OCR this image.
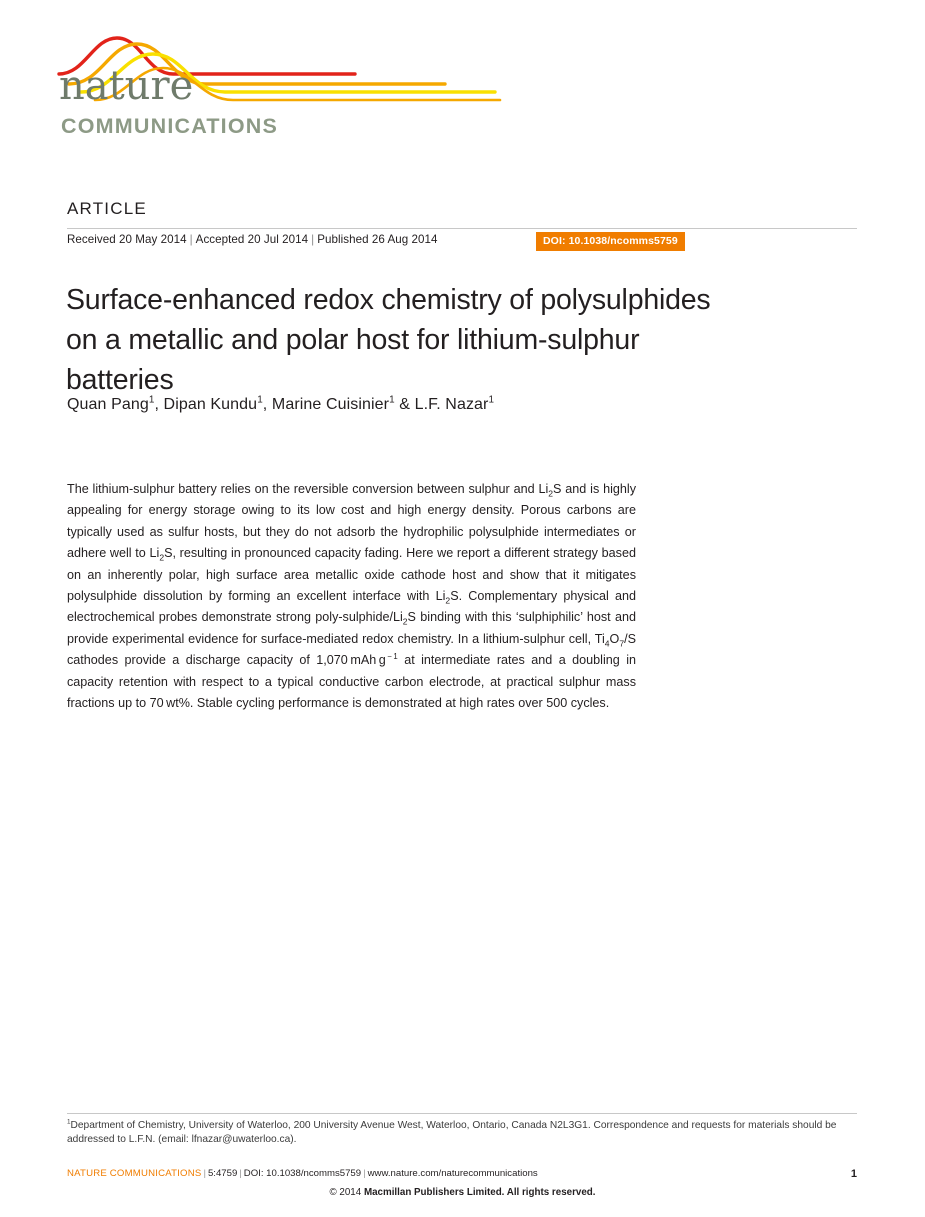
nature
COMMUNICATIONS
ARTICLE
Received 20 May 2014 | Accepted 20 Jul 2014 | Published 26 Aug 2014	DOI: 10.1038/ncomms5759
Surface-enhanced redox chemistry of polysulphides
on a metallic and polar host for lithium-sulphur
batteries
Quan Pang$^1$, Dipan Kundu$^1$, Marine Cuisinier$^1$ & L.F. Nazar$^1$
The lithium-sulphur battery relies on the reversible conversion between sulphur and $Li_2S$ and is highly appealing for energy storage owing to its low cost and high energy density. Porous carbons are typically used as sulfur hosts, but they do not adsorb the hydrophilic polysulphide intermediates or adhere well to $Li_2S$, resulting in pronounced capacity fading. Here we report a different strategy based on an inherently polar, high surface area metallic oxide cathode host and show that it mitigates polysulphide dissolution by forming an excellent interface with $Li_2S$. Complementary physical and electrochemical probes demonstrate strong poly-$sulphide/Li_2S$ binding with this ‘sulphiphilic’ host and provide experimental evidence for surface-mediated redox chemistry. In a lithium-sulphur cell, $Ti_4O_7/S$ cathodes provide a discharge capacity of 1,070 mAh g $^{- 1}$ at intermediate rates and a doubling in capacity retention with respect to a typical conductive carbon electrode, at practical sulphur mass fractions up to 70 wt%. Stable cycling performance is demonstrated at high rates over 500 cycles.
$^1$Department of Chemistry, University of Waterloo, 200 University Avenue West, Waterloo, Ontario, Canada N2L3G1. Correspondence and requests for materials should be addressed to L.F.N. (email: lfnazar@uwaterloo.ca).
NATURE COMMUNICATIONS | 5:4759 | DOI: 10.1038/ncomms5759 | www.nature.com/naturecommunications	1
© 2014 Macmillan Publishers Limited. All rights reserved.
